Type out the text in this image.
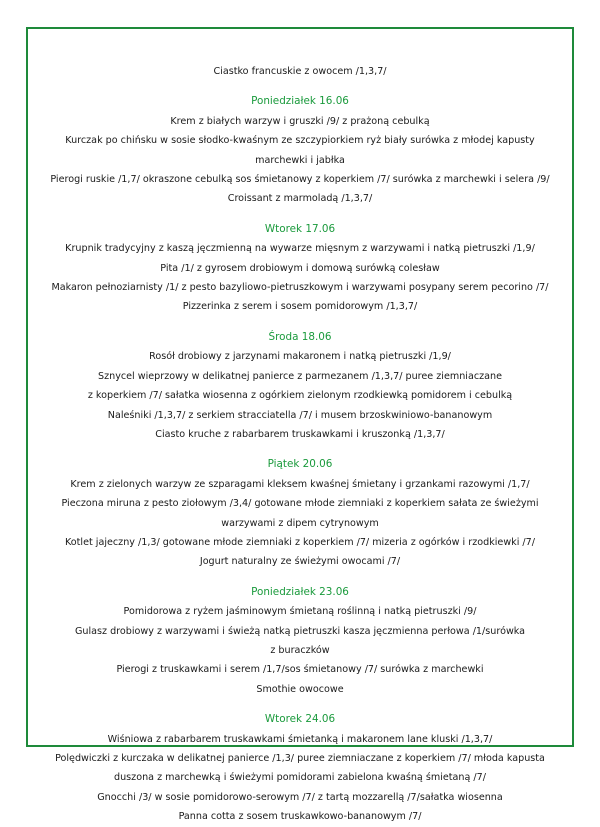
Ciastko francuskie z owocem /1,3,7/
Poniedziałek 16.06
Krem z białych warzyw i gruszki /9/ z prażoną cebulką
Kurczak po chińsku w sosie słodko-kwaśnym ze szczypiorkiem ryż biały surówka z młodej kapusty
marchewki i jabłka
Pierogi ruskie /1,7/ okraszone cebulką sos śmietanowy z koperkiem /7/ surówka z marchewki i selera /9/
Croissant z marmoladą /1,3,7/
Wtorek 17.06
Krupnik tradycyjny z kaszą jęczmienną na wywarze mięsnym z warzywami i natką pietruszki /1,9/
Pita /1/ z gyrosem drobiowym i domową surówką colesław
Makaron pełnoziarnisty /1/ z pesto bazyliowo-pietruszkowym i warzywami posypany serem pecorino /7/
Pizzerinka z serem i sosem pomidorowym /1,3,7/
Środa 18.06
Rosół drobiowy z jarzynami makaronem i natką pietruszki /1,9/
Sznycel wieprzowy w delikatnej panierce z parmezanem /1,3,7/ puree ziemniaczane
z koperkiem /7/ sałatka wiosenna z ogórkiem zielonym rzodkiewką pomidorem i cebulką
Naleśniki /1,3,7/ z serkiem stracciatella /7/ i musem brzoskwiniowo-bananowym
Ciasto kruche z rabarbarem truskawkami i kruszonką /1,3,7/
Piątek 20.06
Krem z zielonych warzyw ze szparagami kleksem kwaśnej śmietany i grzankami razowymi /1,7/
Pieczona miruna z pesto ziołowym /3,4/ gotowane młode ziemniaki z koperkiem sałata ze świeżymi
warzywami z dipem cytrynowym
Kotlet jajeczny /1,3/ gotowane młode ziemniaki z koperkiem /7/ mizeria z ogórków i rzodkiewki /7/
Jogurt naturalny ze świeżymi owocami /7/
Poniedziałek 23.06
Pomidorowa z ryżem jaśminowym śmietaną roślinną i natką pietruszki /9/
Gulasz drobiowy z warzywami i świeżą natką pietruszki kasza jęczmienna perłowa /1/surówka
z buraczków
Pierogi z truskawkami i serem /1,7/sos śmietanowy /7/ surówka z marchewki
Smothie owocowe
Wtorek 24.06
Wiśniowa z rabarbarem truskawkami śmietanką i makaronem lane kluski /1,3,7/
Polędwiczki z kurczaka w delikatnej panierce /1,3/ puree ziemniaczane z koperkiem /7/ młoda kapusta
duszona z marchewką i świeżymi pomidorami zabielona kwaśną śmietaną /7/
Gnocchi /3/ w sosie pomidorowo-serowym /7/ z tartą mozzarellą /7/sałatka wiosenna
Panna cotta z sosem truskawkowo-bananowym /7/
